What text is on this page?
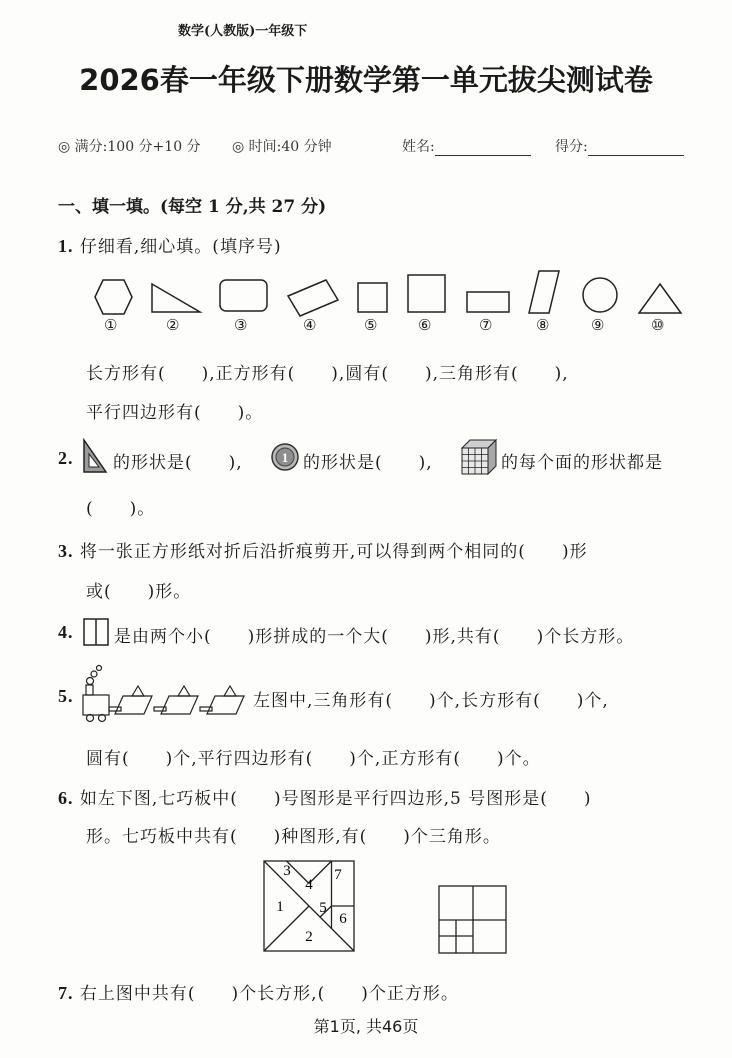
数学(人教版)一年级下
2026春一年级下册数学第一单元拔尖测试卷
◎ 满分:100 分+10 分 ◎ 时间:40 分钟	姓名:	得分:
一、填一填。(每空 1 分,共 27 分)
1. 仔细看,细心填。(填序号)
①	②	③	④	⑤	⑥	⑦	⑧	⑨	⑩
长方形有(　　),正方形有(　　),圆有(　　),三角形有(　　),
平行四边形有(　　)。
2. 的形状是(　　),	1 的形状是(　　),	的每个面的形状都是
(　　)。
3. 将一张正方形纸对折后沿折痕剪开,可以得到两个相同的(　　)形
或(　　)形。
4. 是由两个小(　　)形拼成的一个大(　　)形,共有(　　)个长方形。
5.	左图中,三角形有(　　)个,长方形有(　　)个,
圆有(　　)个,平行四边形有(　　)个,正方形有(　　)个。
6. 如左下图,七巧板中(　　)号图形是平行四边形,5 号图形是(　　)
形。七巧板中共有(　　)种图形,有(　　)个三角形。
3
4
7
1 5
6
2
7. 右上图中共有(　　)个长方形,(　　)个正方形。
第1页, 共46页
